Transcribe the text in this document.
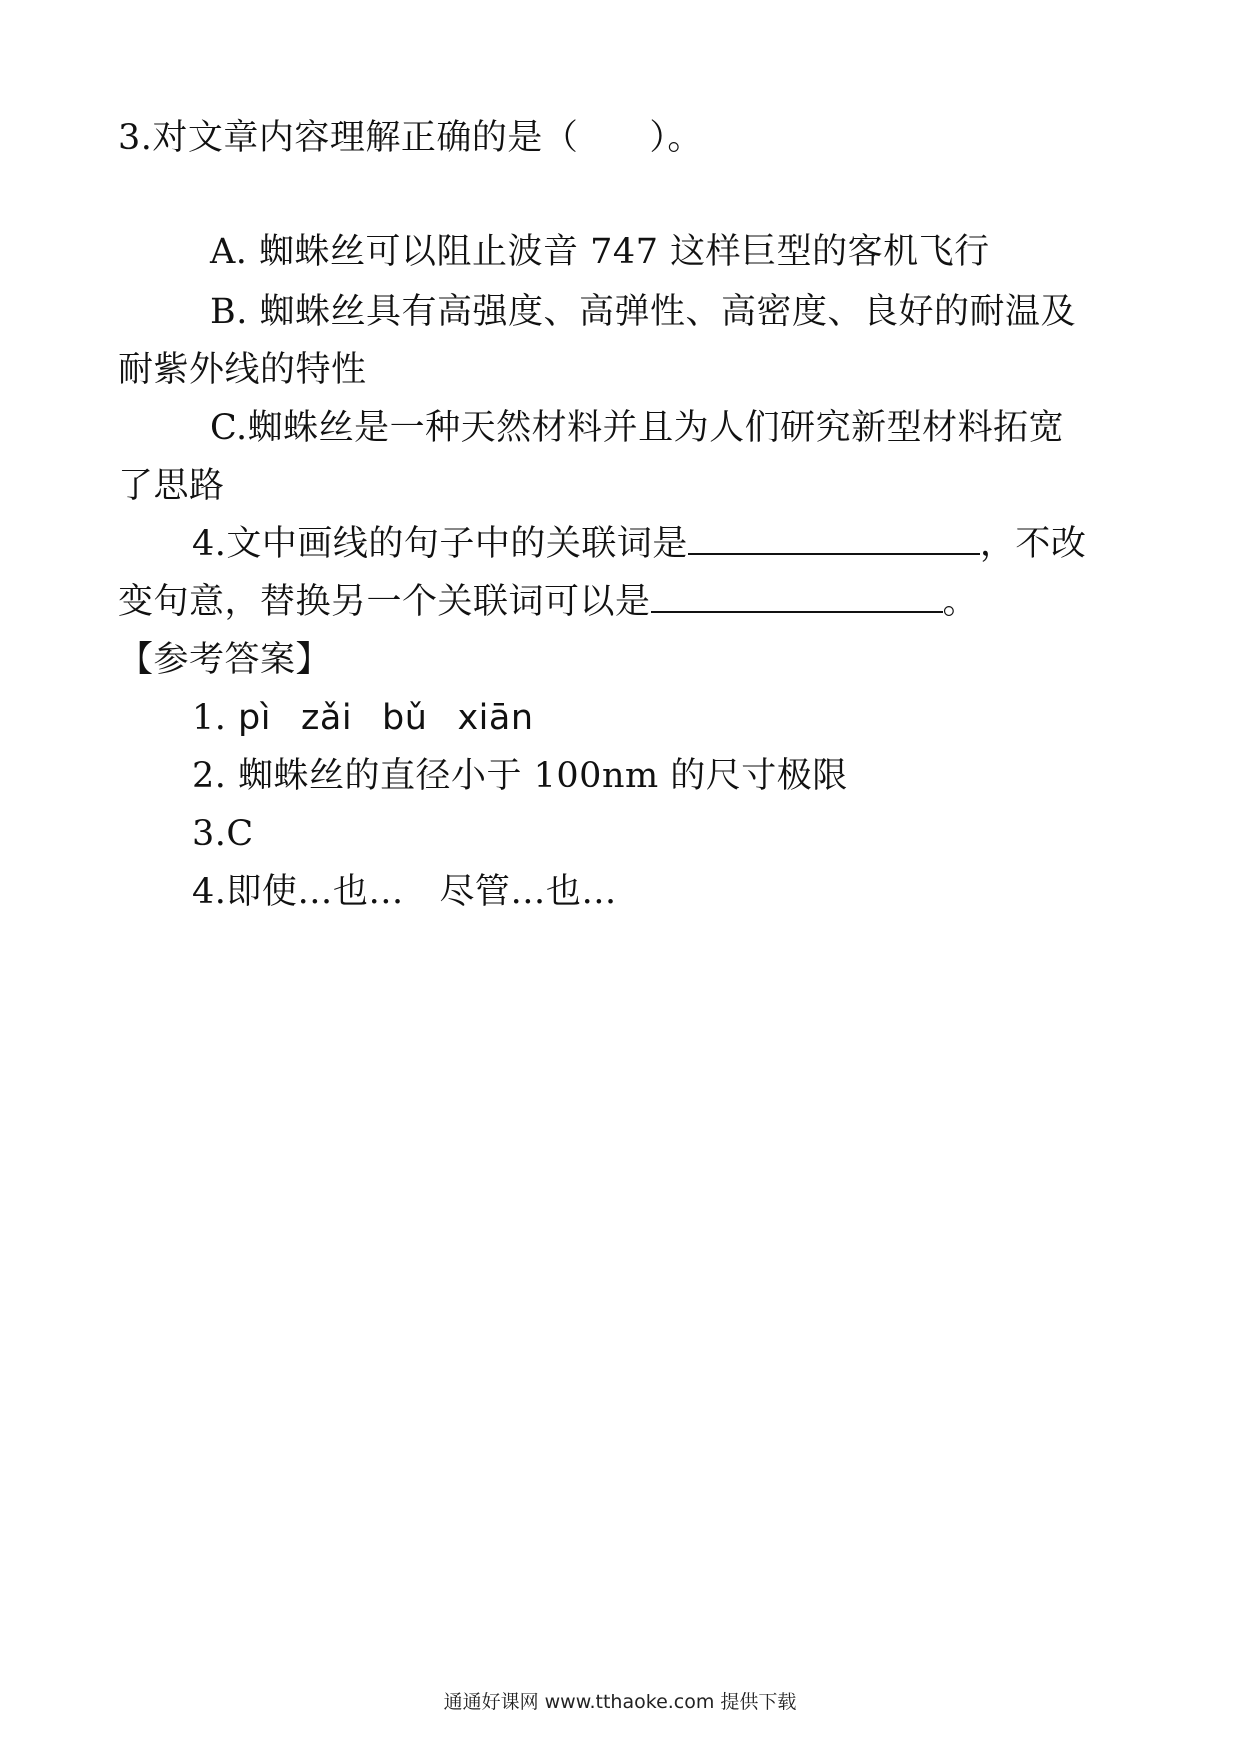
3.对文章内容理解正确的是（　　）。
A. 蜘蛛丝可以阻止波音 747 这样巨型的客机飞行
B. 蜘蛛丝具有高强度、高弹性、高密度、良好的耐温及
耐紫外线的特性
C.蜘蛛丝是一种天然材料并且为人们研究新型材料拓宽
了思路
4.文中画线的句子中的关联词是	，不改
变句意，替换另一个关联词可以是	。
【参考答案】
1. pì zǎi bǔ xiān
2. 蜘蛛丝的直径小于 100nm 的尺寸极限
3.C
4.即使…也…　尽管…也…
通通好课网 www.tthaoke.com 提供下载
